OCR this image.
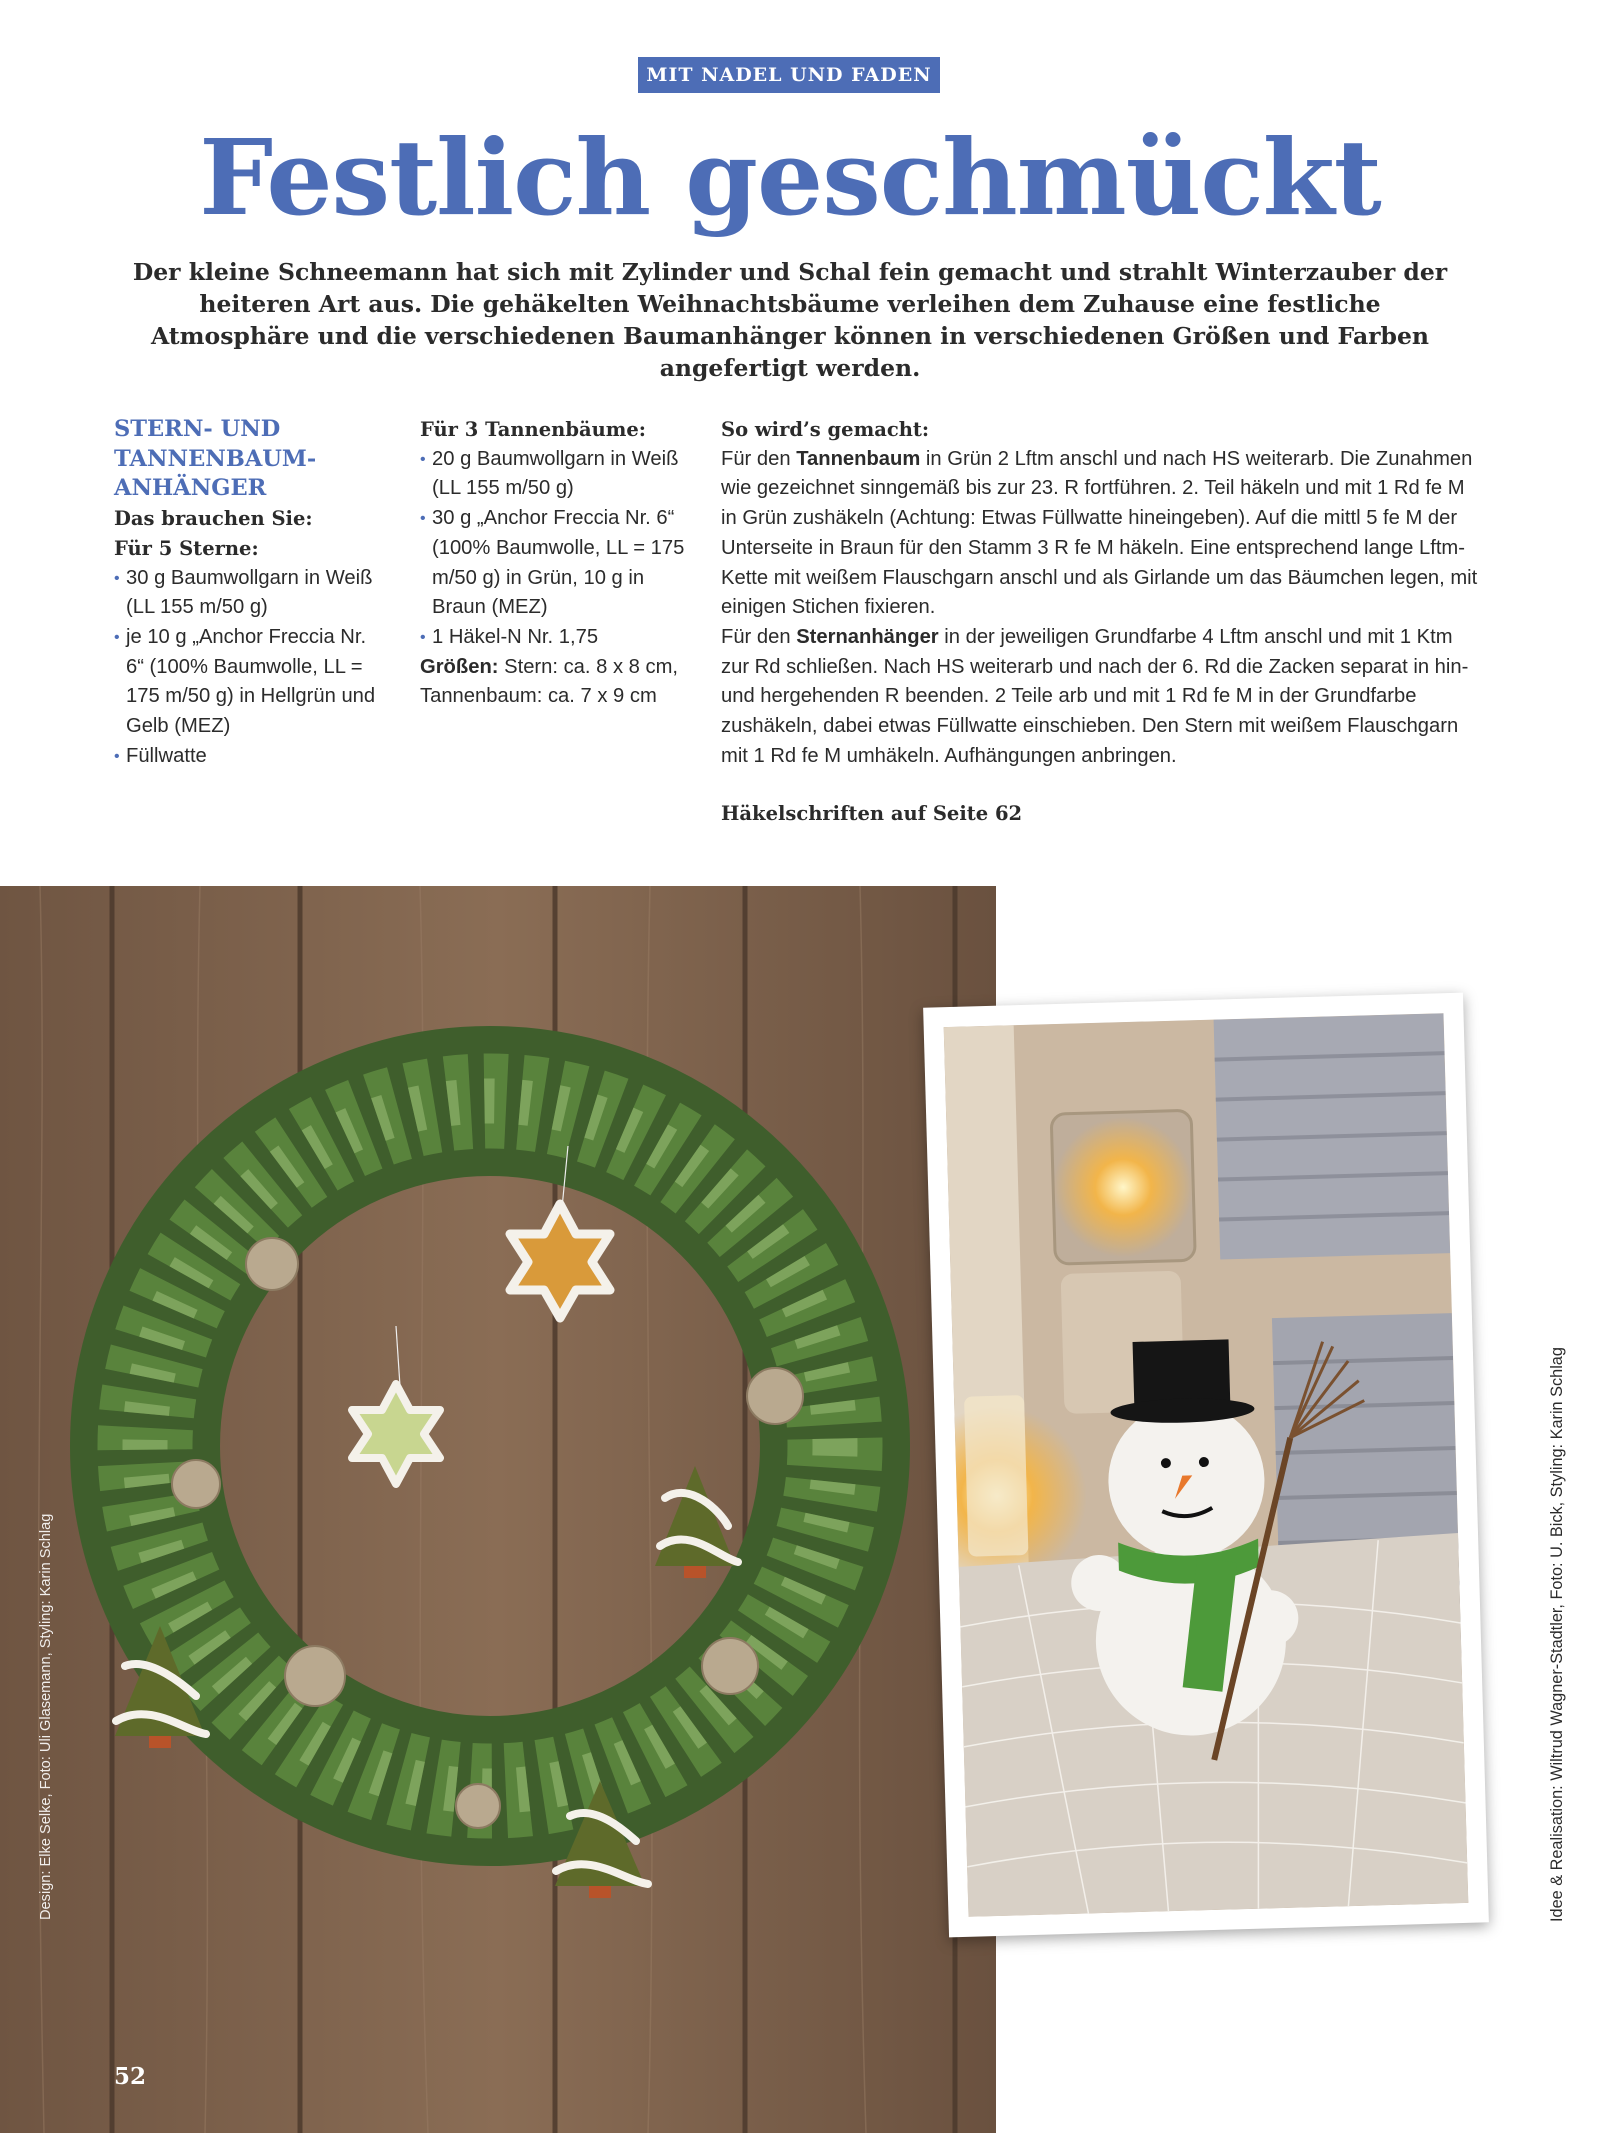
MIT NADEL UND FADEN
Festlich geschmückt

Der kleine Schneemann hat sich mit Zylinder und Schal fein gemacht und strahlt Winterzauber der heiteren Art aus. Die gehäkelten Weihnachtsbäume verleihen dem Zuhause eine festliche Atmosphäre und die verschiedenen Baumanhänger können in verschiedenen Größen und Farben angefertigt werden.

STERN- UND
TANNENBAUM-
ANHÄNGER
Das brauchen Sie:
Für 5 Sterne:
• 30 g Baumwollgarn in Weiß (LL 155 m/50 g)
• je 10 g „Anchor Freccia Nr. 6“ (100% Baumwolle, LL = 175 m/50 g) in Hellgrün und Gelb (MEZ)
• Füllwatte
Für 3 Tannenbäume:
• 20 g Baumwollgarn in Weiß (LL 155 m/50 g)
• 30 g „Anchor Freccia Nr. 6“ (100% Baumwolle, LL = 175 m/50 g) in Grün, 10 g in Braun (MEZ)
• 1 Häkel-N Nr. 1,75

Größen: Stern: ca. 8 x 8 cm, Tannenbaum: ca. 7 x 9 cm

So wird’s gemacht:

Für den Tannenbaum in Grün 2 Lftm anschl und nach HS weiterarb. Die Zunahmen wie gezeichnet sinngemäß bis zur 23. R fortführen. 2. Teil häkeln und mit 1 Rd fe M in Grün zushäkeln (Achtung: Etwas Füllwatte hineingeben). Auf die mittl 5 fe M der Unterseite in Braun für den Stamm 3 R fe M häkeln. Eine entsprechend lange Lftm-Kette mit weißem Flauschgarn anschl und als Girlande um das Bäumchen legen, mit einigen Stichen fixieren.

Für den Sternanhänger in der jeweiligen Grundfarbe 4 Lftm anschl und mit 1 Ktm zur Rd schließen. Nach HS weiterarb und nach der 6. Rd die Zacken separat in hin- und hergehenden R beenden. 2 Teile arb und mit 1 Rd fe M in der Grundfarbe zushäkeln, dabei etwas Füllwatte einschieben. Den Stern mit weißem Flauschgarn mit 1 Rd fe M umhäkeln. Aufhängungen anbringen.

Häkelschriften auf Seite 62

Design: Elke Selke, Foto: Uli Glasemann, Styling: Karin Schlag	Idee & Realisation: Wiltrud Wagner-Stadtler, Foto: U. Bick, Styling: Karin Schlag
52
